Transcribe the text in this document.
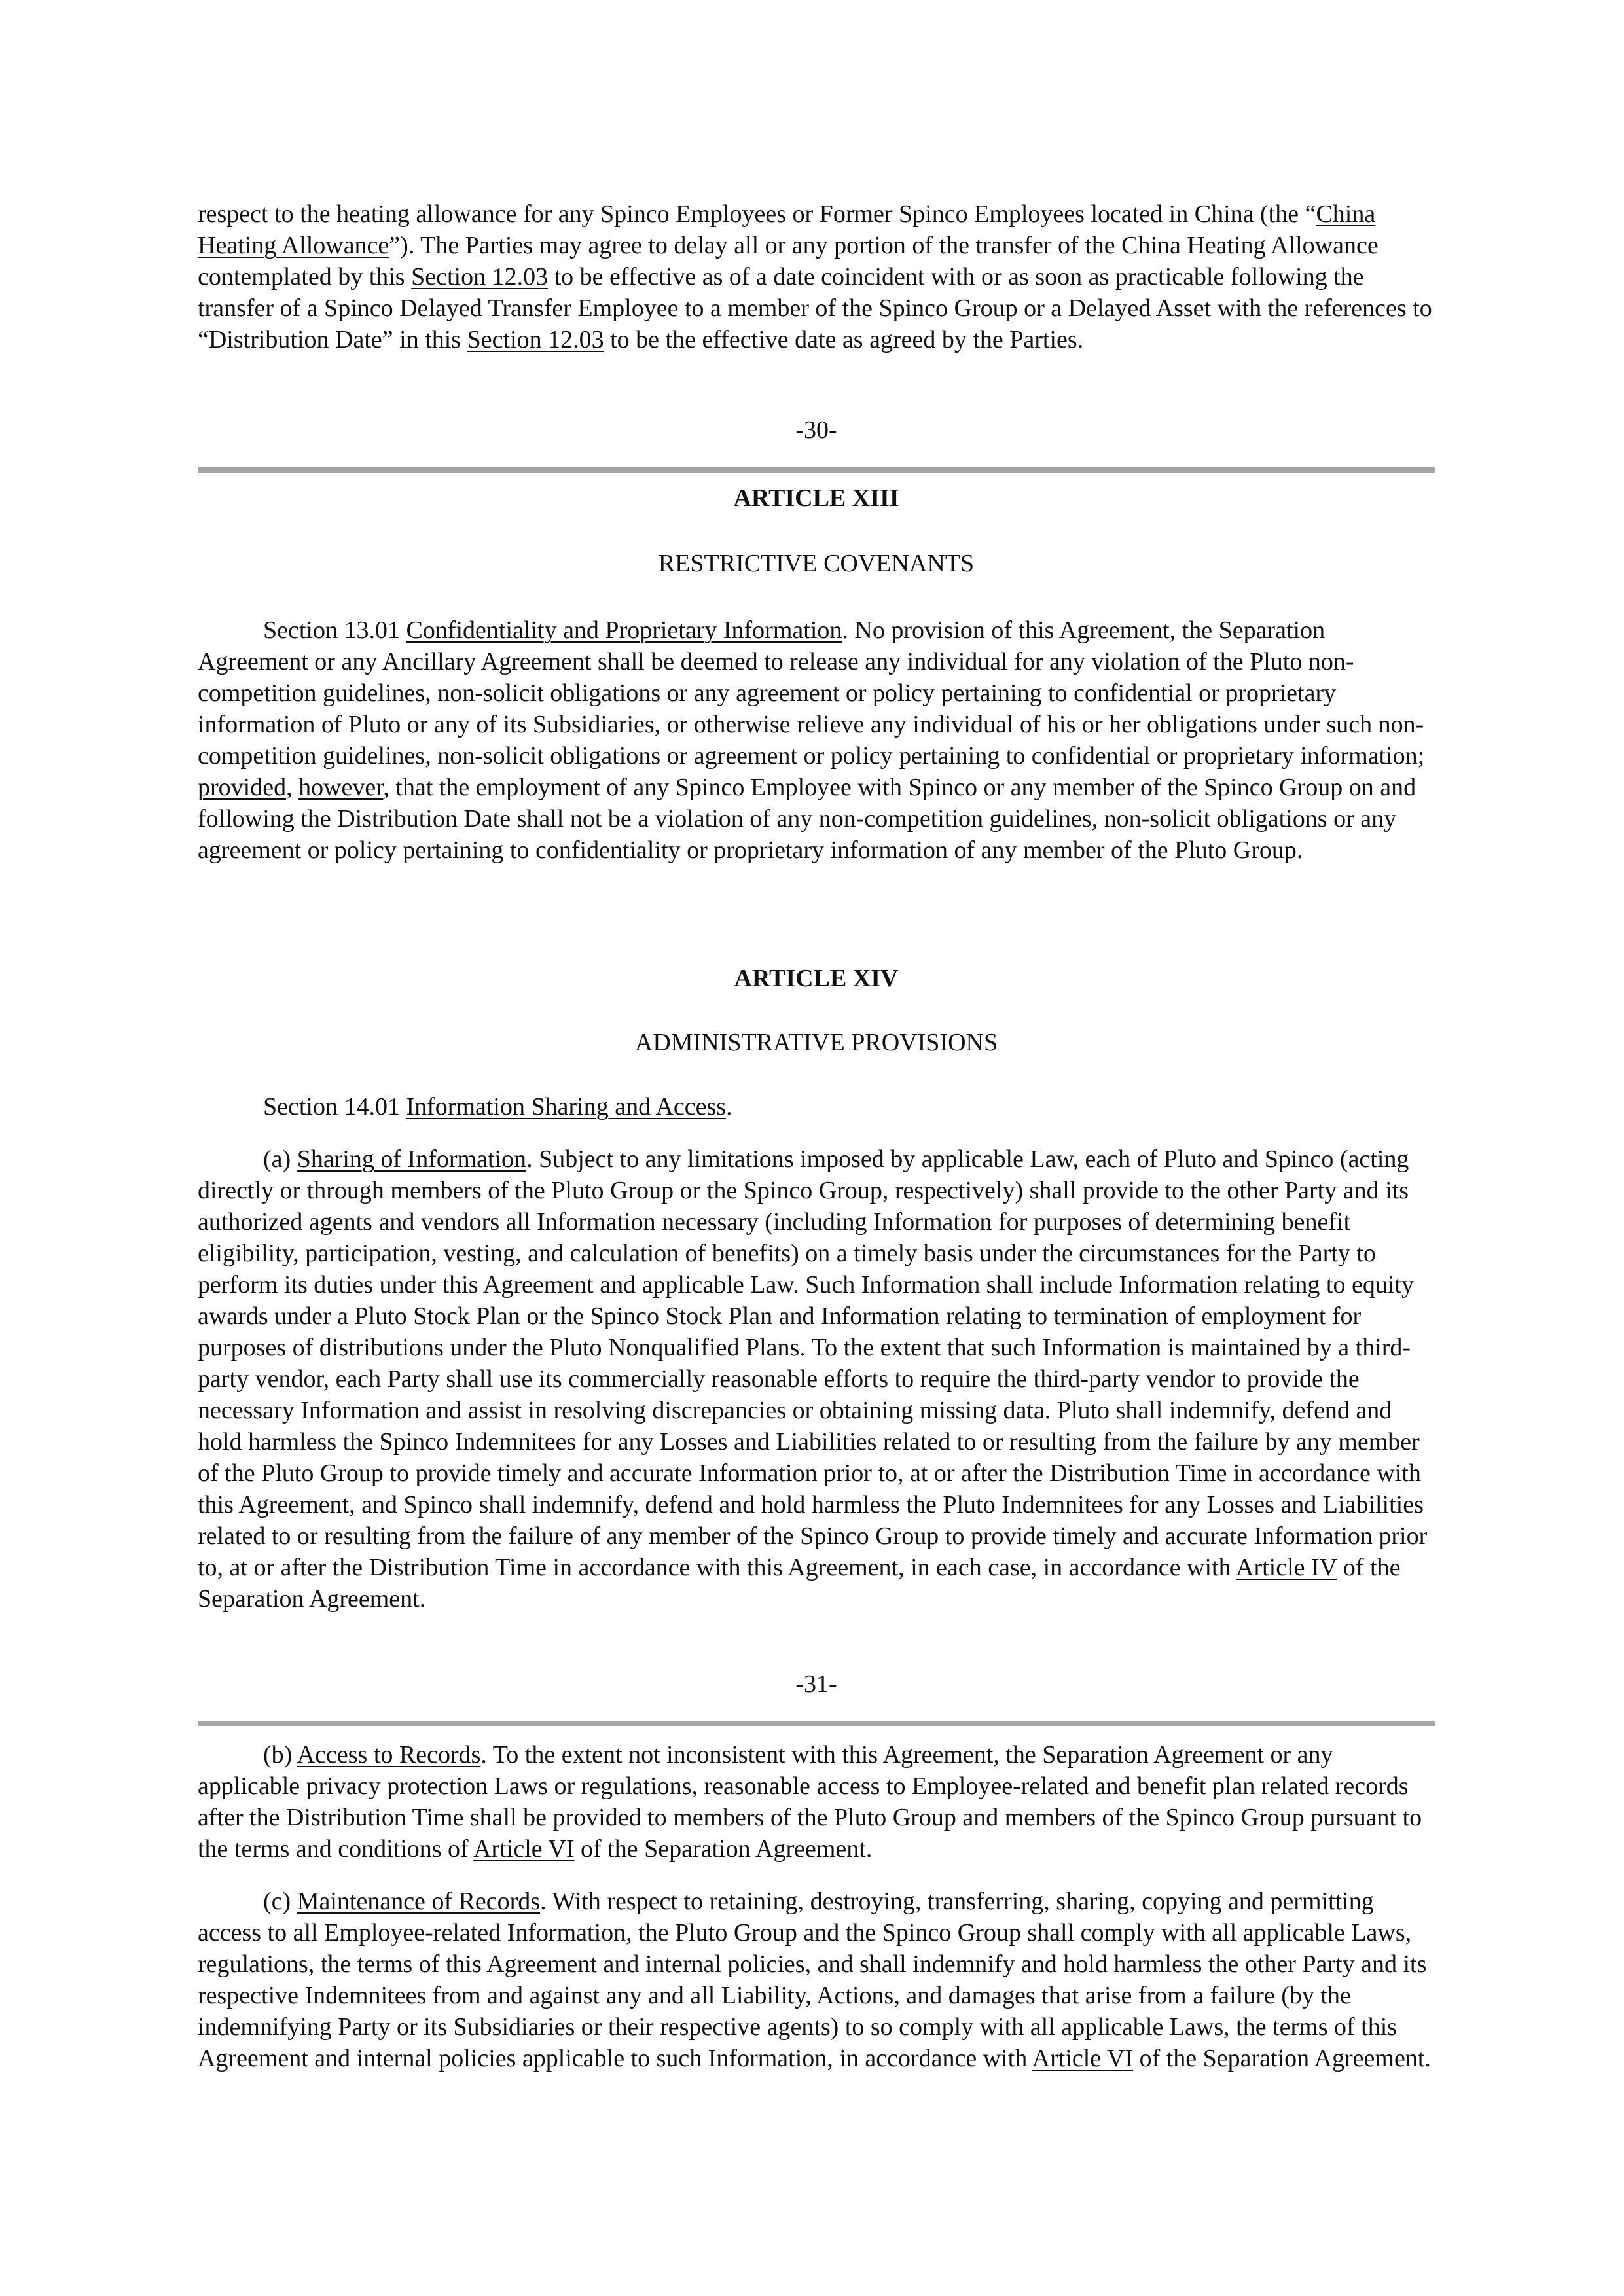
respect to the heating allowance for any Spinco Employees or Former Spinco Employees located in China (the “China Heating Allowance”). The Parties may agree to delay all or any portion of the transfer of the China Heating Allowance contemplated by this Section 12.03 to be effective as of a date coincident with or as soon as practicable following the transfer of a Spinco Delayed Transfer Employee to a member of the Spinco Group or a Delayed Asset with the references to “Distribution Date” in this Section 12.03 to be the effective date as agreed by the Parties.

-30-

ARTICLE XIII

RESTRICTIVE COVENANTS

Section 13.01 Confidentiality and Proprietary Information. No provision of this Agreement, the Separation Agreement or any Ancillary Agreement shall be deemed to release any individual for any violation of the Pluto non-competition guidelines, non-solicit obligations or any agreement or policy pertaining to confidential or proprietary information of Pluto or any of its Subsidiaries, or otherwise relieve any individual of his or her obligations under such non-competition guidelines, non-solicit obligations or agreement or policy pertaining to confidential or proprietary information; provided, however, that the employment of any Spinco Employee with Spinco or any member of the Spinco Group on and following the Distribution Date shall not be a violation of any non-competition guidelines, non-solicit obligations or any agreement or policy pertaining to confidentiality or proprietary information of any member of the Pluto Group.

ARTICLE XIV

ADMINISTRATIVE PROVISIONS

Section 14.01 Information Sharing and Access.

(a) Sharing of Information. Subject to any limitations imposed by applicable Law, each of Pluto and Spinco (acting directly or through members of the Pluto Group or the Spinco Group, respectively) shall provide to the other Party and its authorized agents and vendors all Information necessary (including Information for purposes of determining benefit eligibility, participation, vesting, and calculation of benefits) on a timely basis under the circumstances for the Party to perform its duties under this Agreement and applicable Law. Such Information shall include Information relating to equity awards under a Pluto Stock Plan or the Spinco Stock Plan and Information relating to termination of employment for purposes of distributions under the Pluto Nonqualified Plans. To the extent that such Information is maintained by a third-party vendor, each Party shall use its commercially reasonable efforts to require the third-party vendor to provide the necessary Information and assist in resolving discrepancies or obtaining missing data. Pluto shall indemnify, defend and hold harmless the Spinco Indemnitees for any Losses and Liabilities related to or resulting from the failure by any member of the Pluto Group to provide timely and accurate Information prior to, at or after the Distribution Time in accordance with this Agreement, and Spinco shall indemnify, defend and hold harmless the Pluto Indemnitees for any Losses and Liabilities related to or resulting from the failure of any member of the Spinco Group to provide timely and accurate Information prior to, at or after the Distribution Time in accordance with this Agreement, in each case, in accordance with Article IV of the Separation Agreement.

-31-

(b) Access to Records. To the extent not inconsistent with this Agreement, the Separation Agreement or any applicable privacy protection Laws or regulations, reasonable access to Employee-related and benefit plan related records after the Distribution Time shall be provided to members of the Pluto Group and members of the Spinco Group pursuant to the terms and conditions of Article VI of the Separation Agreement.

(c) Maintenance of Records. With respect to retaining, destroying, transferring, sharing, copying and permitting access to all Employee-related Information, the Pluto Group and the Spinco Group shall comply with all applicable Laws, regulations, the terms of this Agreement and internal policies, and shall indemnify and hold harmless the other Party and its respective Indemnitees from and against any and all Liability, Actions, and damages that arise from a failure (by the indemnifying Party or its Subsidiaries or their respective agents) to so comply with all applicable Laws, the terms of this Agreement and internal policies applicable to such Information, in accordance with Article VI of the Separation Agreement.
